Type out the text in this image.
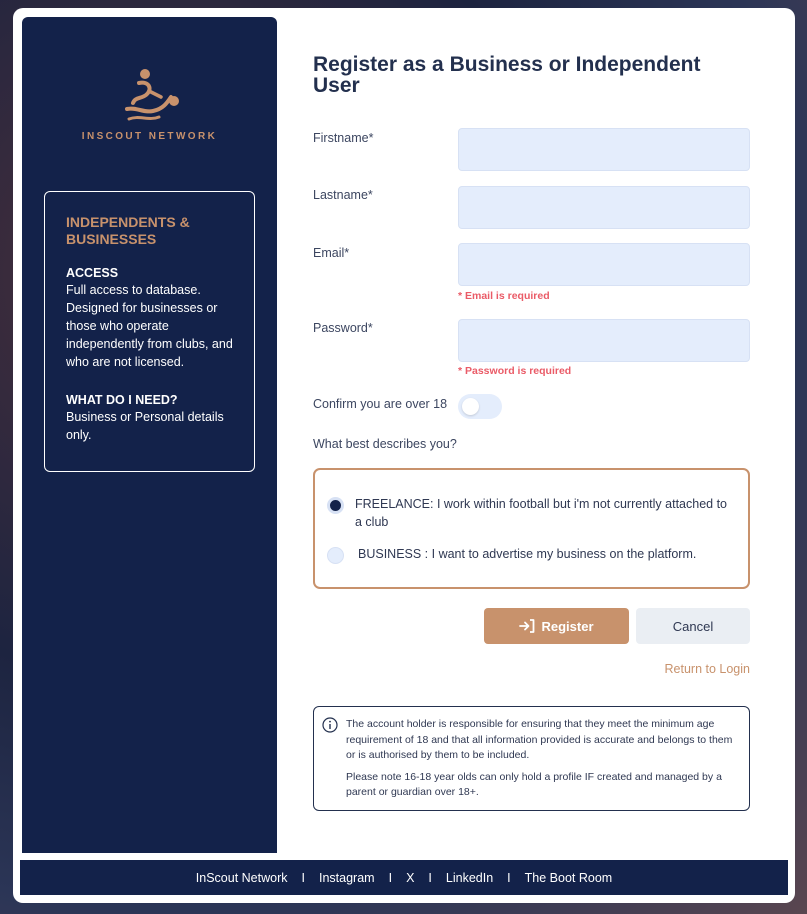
INSCOUT NETWORK
INDEPENDENTS & BUSINESSES
ACCESS
Full access to database. Designed for businesses or those who operate independently from clubs, and who are not licensed.
WHAT DO I NEED?
Business or Personal details only.
Register as a Business or Independent User
Firstname*
Lastname*
Email*
* Email is required
Password*
* Password is required
Confirm you are over 18
What best describes you?
FREELANCE: I work within football but i'm not currently attached to a club
BUSINESS : I want to advertise my business on the platform.
Register	Cancel
Return to Login

The account holder is responsible for ensuring that they meet the minimum age requirement of 18 and that all information provided is accurate and belongs to them or is authorised by them to be included.

Please note 16-18 year olds can only hold a profile IF created and managed by a parent or guardian over 18+.

InScout Network I Instagram I X I LinkedIn I The Boot Room
